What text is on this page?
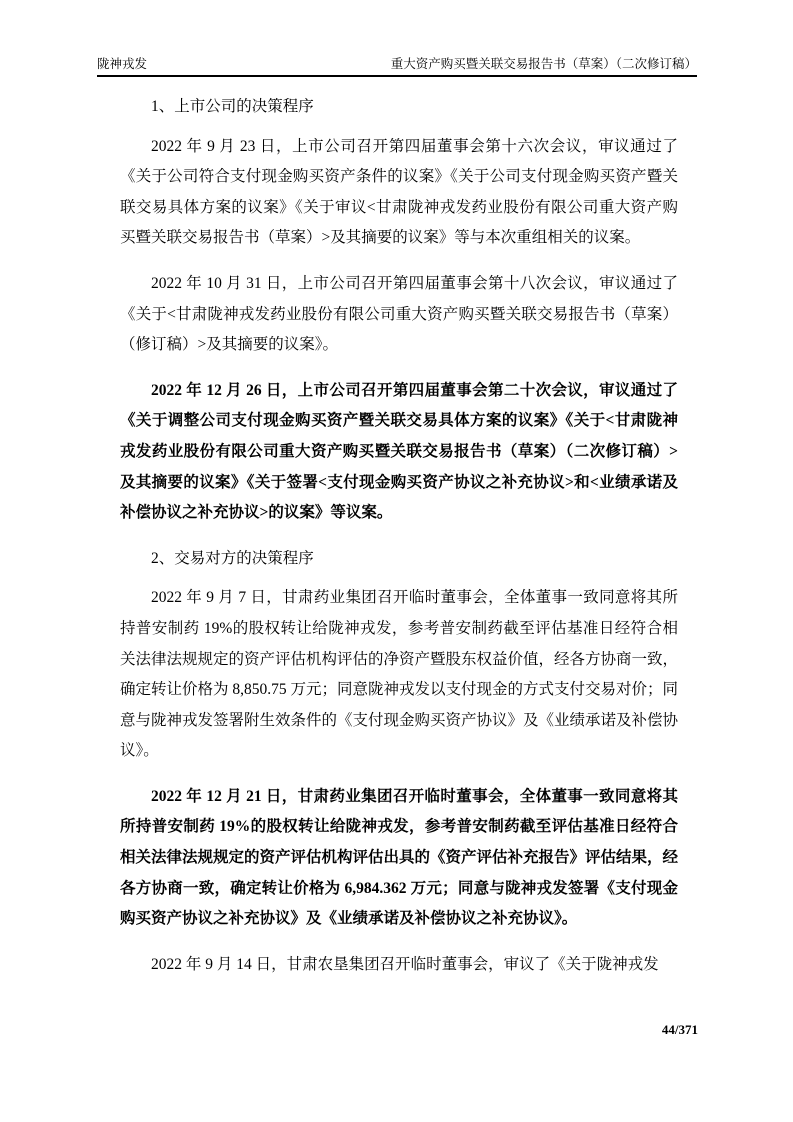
陇神戎发	重大资产购买暨关联交易报告书（草案）（二次修订稿）
1、上市公司的决策程序
2022 年 9 月 23 日，上市公司召开第四届董事会第十六次会议，审议通过了《关于公司符合支付现金购买资产条件的议案》《关于公司支付现金购买资产暨关联交易具体方案的议案》《关于审议<甘肃陇神戎发药业股份有限公司重大资产购买暨关联交易报告书（草案）>及其摘要的议案》等与本次重组相关的议案。
2022 年 10 月 31 日，上市公司召开第四届董事会第十八次会议，审议通过了《关于<甘肃陇神戎发药业股份有限公司重大资产购买暨关联交易报告书（草案）（修订稿）>及其摘要的议案》。
2022 年 12 月 26 日，上市公司召开第四届董事会第二十次会议，审议通过了《关于调整公司支付现金购买资产暨关联交易具体方案的议案》《关于<甘肃陇神戎发药业股份有限公司重大资产购买暨关联交易报告书（草案）（二次修订稿）>及其摘要的议案》《关于签署<支付现金购买资产协议之补充协议>和<业绩承诺及补偿协议之补充协议>的议案》等议案。
2、交易对方的决策程序
2022 年 9 月 7 日，甘肃药业集团召开临时董事会，全体董事一致同意将其所持普安制药 19%的股权转让给陇神戎发，参考普安制药截至评估基准日经符合相关法律法规规定的资产评估机构评估的净资产暨股东权益价值，经各方协商一致，确定转让价格为 8,850.75 万元；同意陇神戎发以支付现金的方式支付交易对价；同意与陇神戎发签署附生效条件的《支付现金购买资产协议》及《业绩承诺及补偿协议》。
2022 年 12 月 21 日，甘肃药业集团召开临时董事会，全体董事一致同意将其所持普安制药 19%的股权转让给陇神戎发，参考普安制药截至评估基准日经符合相关法律法规规定的资产评估机构评估出具的《资产评估补充报告》评估结果，经各方协商一致，确定转让价格为 6,984.362 万元；同意与陇神戎发签署《支付现金购买资产协议之补充协议》及《业绩承诺及补偿协议之补充协议》。
2022 年 9 月 14 日，甘肃农垦集团召开临时董事会，审议了《关于陇神戎发
44/371
